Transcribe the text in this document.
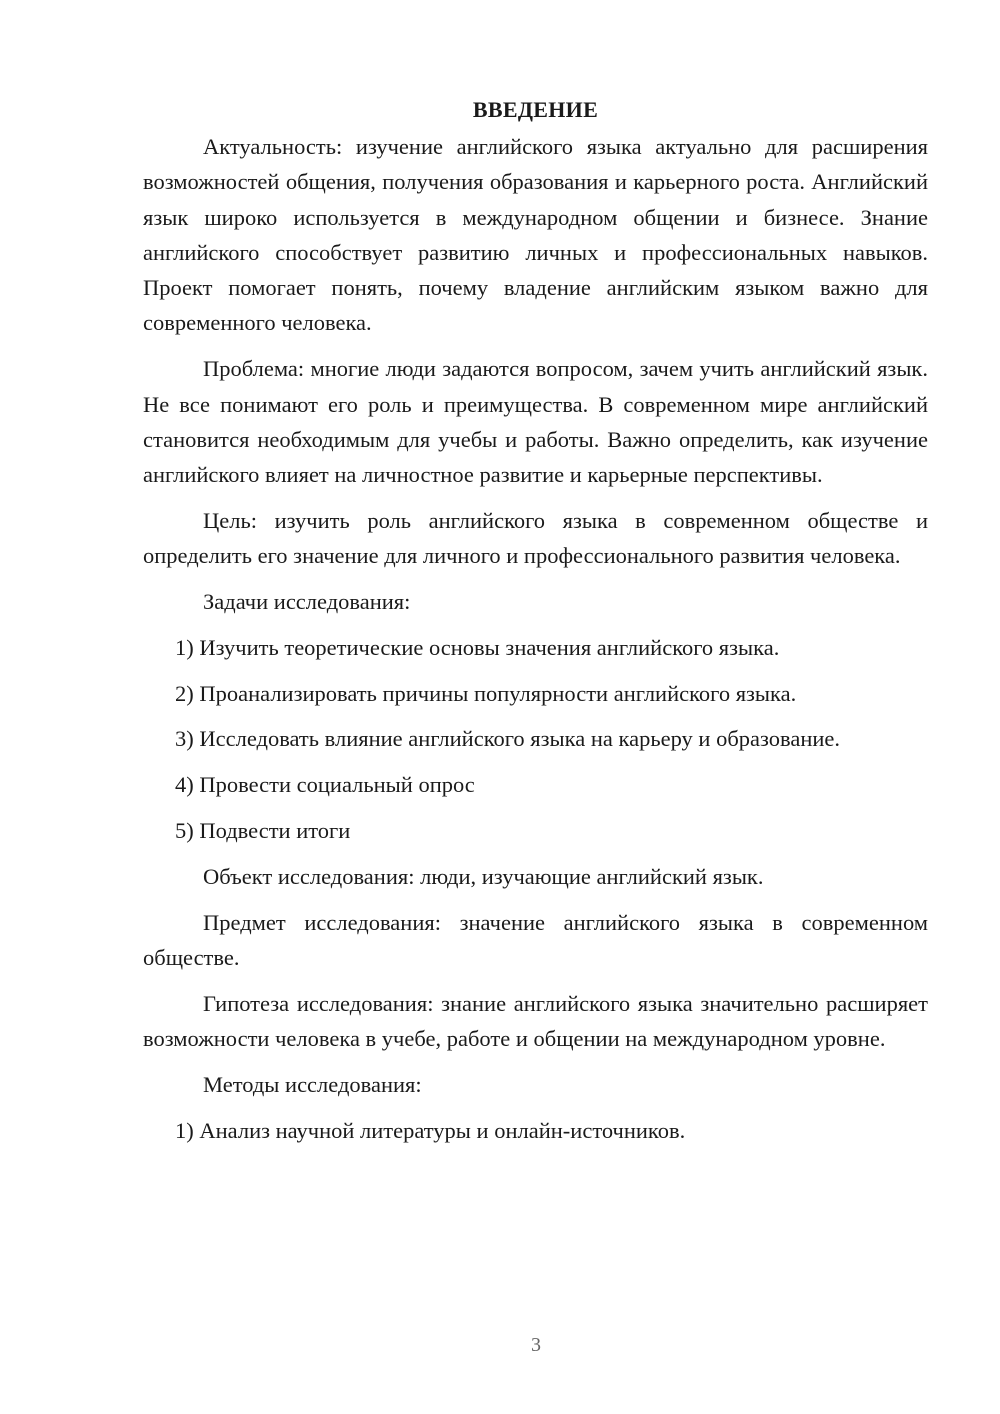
ВВЕДЕНИЕ

Актуальность: изучение английского языка актуально для расширения возможностей общения, получения образования и карьерного роста. Английский язык широко используется в международном общении и бизнесе. Знание английского способствует развитию личных и профессиональных навыков. Проект помогает понять, почему владение английским языком важно для современного человека.

Проблема: многие люди задаются вопросом, зачем учить английский язык. Не все понимают его роль и преимущества. В современном мире английский становится необходимым для учебы и работы. Важно определить, как изучение английского влияет на личностное развитие и карьерные перспективы.

Цель: изучить роль английского языка в современном обществе и определить его значение для личного и профессионального развития человека.

Задачи исследования:

1) Изучить теоретические основы значения английского языка.

2) Проанализировать причины популярности английского языка.

3) Исследовать влияние английского языка на карьеру и образование.

4) Провести социальный опрос

5) Подвести итоги

Объект исследования: люди, изучающие английский язык.

Предмет исследования: значение английского языка в современном обществе.

Гипотеза исследования: знание английского языка значительно расширяет возможности человека в учебе, работе и общении на международном уровне.

Методы исследования:

1) Анализ научной литературы и онлайн-источников.

3
